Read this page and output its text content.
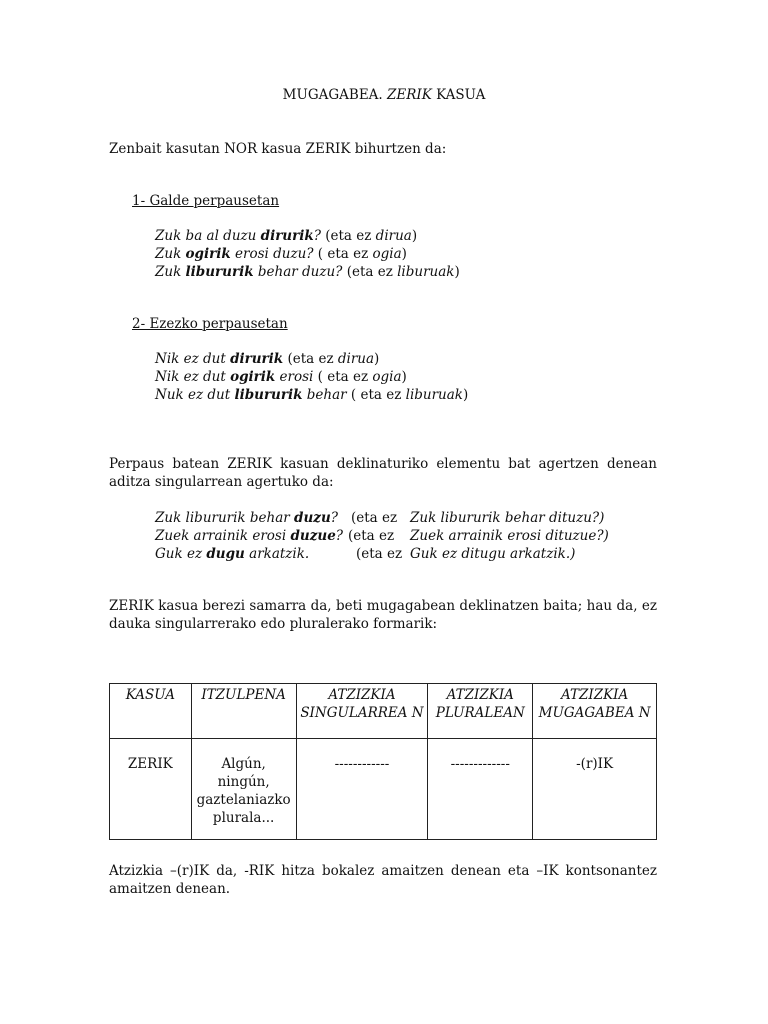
MUGAGABEA. ZERIK KASUA
Zenbait kasutan NOR kasua ZERIK bihurtzen da:
1- Galde perpausetan
Zuk ba al duzu dirurik? (eta ez dirua)
Zuk ogirik erosi duzu? ( eta ez ogia)
Zuk libururik behar duzu? (eta ez liburuak)
2- Ezezko perpausetan
Nik ez dut dirurik (eta ez dirua)
Nik ez dut ogirik erosi ( eta ez ogia)
Nuk ez dut libururik behar ( eta ez liburuak)
Perpaus batean ZERIK kasuan deklinaturiko elementu bat agertzen denean
aditza singularrean agertuko da:
Zuk libururik behar duzu? (eta ez Zuk libururik behar dituzu?)
Zuek arrainik erosi duzue? (eta ez Zuek arrainik erosi dituzue?)
Guk ez dugu arkatzik.	(eta ez Guk ez ditugu arkatzik.)
ZERIK kasua berezi samarra da, beti mugagabean deklinatzen baita; hau da, ez
dauka singularrerako edo pluralerako formarik:
KASUA	ITZULPENA	ATZIZKIA SINGULARREA N	ATZIZKIA PLURALEAN	ATZIZKIA MUGAGABEA N
ZERIK	Algún, ningún, gaztelaniazko plurala...	------------	-------------	-(r)IK
Atzizkia –(r)IK da, -RIK hitza bokalez amaitzen denean eta –IK kontsonantez
amaitzen denean.
